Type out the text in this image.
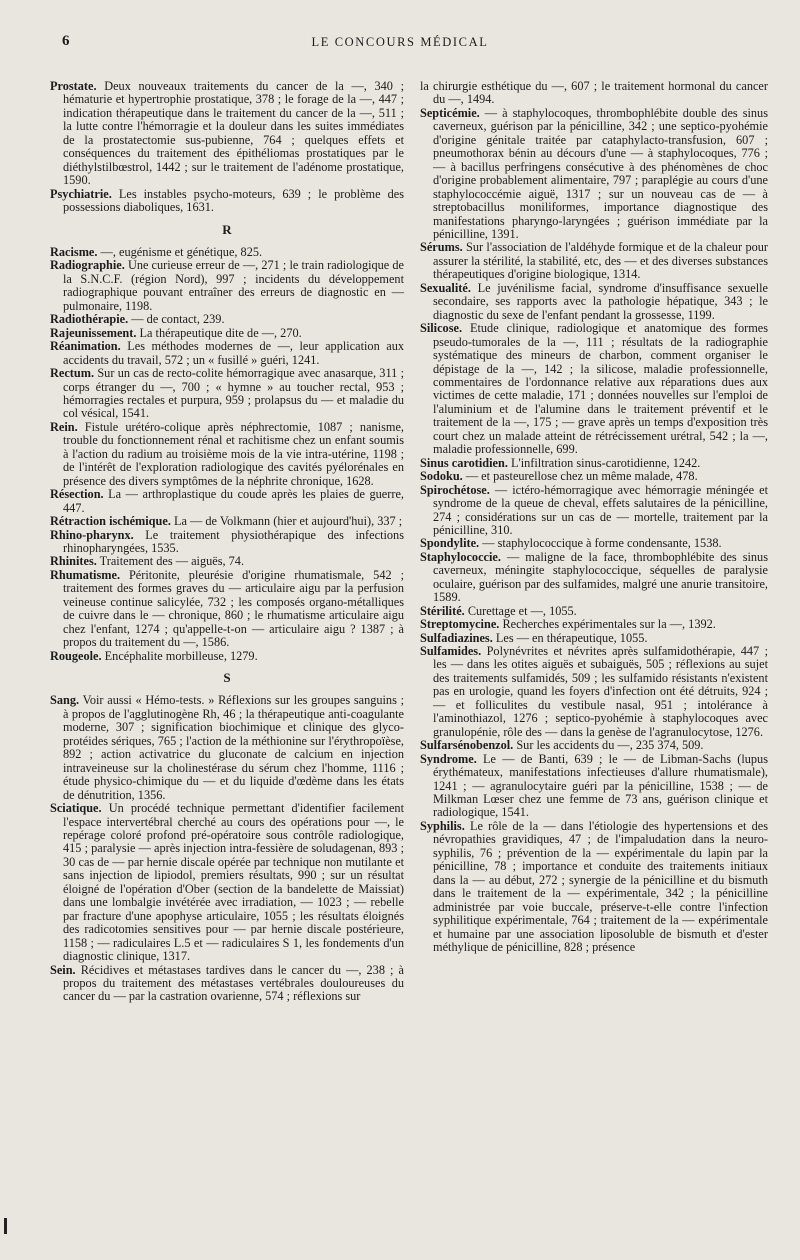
6	LE CONCOURS MÉDICAL

Prostate. Deux nouveaux traitements du cancer de la —, 340 ; hématurie et hypertrophie prostatique, 378 ; le forage de la —, 447 ; indication thérapeutique dans le traitement du cancer de la —, 511 ; la lutte contre l'hémorragie et la douleur dans les suites immédiates de la prostatectomie sus-pubienne, 764 ; quelques effets et conséquences du traitement des épithéliomas prostatiques par le diéthylstilbœstrol, 1442 ; sur le traitement de l'adénome prostatique, 1590.

Psychiatrie. Les instables psycho-moteurs, 639 ; le problème des possessions diaboliques, 1631.

R

Racisme. —, eugénisme et génétique, 825.

Radiographie. Une curieuse erreur de —, 271 ; le train radiologique de la S.N.C.F. (région Nord), 997 ; incidents du développement radiographique pouvant entraîner des erreurs de diagnostic en — pulmonaire, 1198.

Radiothérapie. — de contact, 239.

Rajeunissement. La thérapeutique dite de —, 270.

Réanimation. Les méthodes modernes de —, leur application aux accidents du travail, 572 ; un « fusillé » guéri, 1241.

Rectum. Sur un cas de recto-colite hémorragique avec anasarque, 311 ; corps étranger du —, 700 ; « hymne » au toucher rectal, 953 ; hémorragies rectales et purpura, 959 ; prolapsus du — et maladie du col vésical, 1541.

Rein. Fistule urétéro-colique après néphrectomie, 1087 ; nanisme, trouble du fonctionnement rénal et rachitisme chez un enfant soumis à l'action du radium au troisième mois de la vie intra-utérine, 1198 ; de l'intérêt de l'exploration radiologique des cavités pyélorénales en présence des divers symptômes de la néphrite chronique, 1628.

Résection. La — arthroplastique du coude après les plaies de guerre, 447.

Rétraction ischémique. La — de Volkmann (hier et aujourd'hui), 337 ;

Rhino-pharynx. Le traitement physiothérapique des infections rhinopharyngées, 1535.

Rhinites. Traitement des — aiguës, 74.

Rhumatisme. Péritonite, pleurésie d'origine rhumatismale, 542 ; traitement des formes graves du — articulaire aigu par la perfusion veineuse continue salicylée, 732 ; les composés organo-métalliques de cuivre dans le — chronique, 860 ; le rhumatisme articulaire aigu chez l'enfant, 1274 ; qu'appelle-t-on — articulaire aigu ? 1387 ; à propos du traitement du —, 1586.

Rougeole. Encéphalite morbilleuse, 1279.

S

Sang. Voir aussi « Hémo-tests. » Réflexions sur les groupes sanguins ; à propos de l'agglutinogène Rh, 46 ; la thérapeutique anti-coagulante moderne, 307 ; signification biochimique et clinique des glyco-protéides sériques, 765 ; l'action de la méthionine sur l'érythropoïèse, 892 ; action activatrice du gluconate de calcium en injection intraveineuse sur la cholinestérase du sérum chez l'homme, 1116 ; étude physico-chimique du — et du liquide d'œdème dans les états de dénutrition, 1356.

Sciatique. Un procédé technique permettant d'identifier facilement l'espace intervertébral cherché au cours des opérations pour —, le repérage coloré profond pré-opératoire sous contrôle radiologique, 415 ; paralysie — après injection intra-fessière de soludagenan, 893 ; 30 cas de — par hernie discale opérée par technique non mutilante et sans injection de lipiodol, premiers résultats, 990 ; sur un résultat éloigné de l'opération d'Ober (section de la bandelette de Maissiat) dans une lombalgie invétérée avec irradiation, — 1023 ; — rebelle par fracture d'une apophyse articulaire, 1055 ; les résultats éloignés des radicotomies sensitives pour — par hernie discale postérieure, 1158 ; — radiculaires L.5 et — radiculaires S 1, les fondements d'un diagnostic clinique, 1317.

Sein. Récidives et métastases tardives dans le cancer du —, 238 ; à propos du traitement des métastases vertébrales douloureuses du cancer du — par la castration ovarienne, 574 ; réflexions sur

la chirurgie esthétique du —, 607 ; le traitement hormonal du cancer du —, 1494.

Septicémie. — à staphylocoques, thrombophlébite double des sinus caverneux, guérison par la pénicilline, 342 ; une septico-pyohémie d'origine génitale traitée par cataphylacto-transfusion, 607 ; pneumothorax bénin au décours d'une — à staphylocoques, 776 ; — à bacillus perfringens consécutive à des phénomènes de choc d'origine probablement alimentaire, 797 ; paraplégie au cours d'une staphylococcémie aiguë, 1317 ; sur un nouveau cas de — à streptobacillus moniliformes, importance diagnostique des manifestations pharyngo-laryngées ; guérison immédiate par la pénicilline, 1391.

Sérums. Sur l'association de l'aldéhyde formique et de la chaleur pour assurer la stérilité, la stabilité, etc, des — et des diverses substances thérapeutiques d'origine biologique, 1314.

Sexualité. Le juvénilisme facial, syndrome d'insuffisance sexuelle secondaire, ses rapports avec la pathologie hépatique, 343 ; le diagnostic du sexe de l'enfant pendant la grossesse, 1199.

Silicose. Etude clinique, radiologique et anatomique des formes pseudo-tumorales de la —, 111 ; résultats de la radiographie systématique des mineurs de charbon, comment organiser le dépistage de la —, 142 ; la silicose, maladie professionnelle, commentaires de l'ordonnance relative aux réparations dues aux victimes de cette maladie, 171 ; données nouvelles sur l'emploi de l'aluminium et de l'alumine dans le traitement préventif et le traitement de la —, 175 ; — grave après un temps d'exposition très court chez un malade atteint de rétrécissement urétral, 542 ; la —, maladie professionnelle, 699.

Sinus carotidien. L'infiltration sinus-carotidienne, 1242.

Sodoku. — et pasteurellose chez un même malade, 478.

Spirochétose. — ictéro-hémorragique avec hémorragie méningée et syndrome de la queue de cheval, effets salutaires de la pénicilline, 274 ; considérations sur un cas de — mortelle, traitement par la pénicilline, 310.

Spondylite. — staphylococcique à forme condensante, 1538.

Staphylococcie. — maligne de la face, thrombophlébite des sinus caverneux, méningite staphylococcique, séquelles de paralysie oculaire, guérison par des sulfamides, malgré une anurie transitoire, 1589.

Stérilité. Curettage et —, 1055.

Streptomycine. Recherches expérimentales sur la —, 1392.

Sulfadiazines. Les — en thérapeutique, 1055.

Sulfamides. Polynévrites et névrites après sulfamidothérapie, 447 ; les — dans les otites aiguës et subaiguës, 505 ; réflexions au sujet des traitements sulfamidés, 509 ; les sulfamido résistants n'existent pas en urologie, quand les foyers d'infection ont été détruits, 924 ; — et folliculites du vestibule nasal, 951 ; intolérance à l'aminothiazol, 1276 ; septico-pyohémie à staphylocoques avec granulopénie, rôle des — dans la genèse de l'agranulocytose, 1276.

Sulfarsénobenzol. Sur les accidents du —, 235 374, 509.

Syndrome. Le — de Banti, 639 ; le — de Libman-Sachs (lupus érythémateux, manifestations infectieuses d'allure rhumatismale), 1241 ; — agranulocytaire guéri par la pénicilline, 1538 ; — de Milkman Lœser chez une femme de 73 ans, guérison clinique et radiologique, 1541.

Syphilis. Le rôle de la — dans l'étiologie des hypertensions et des névropathies gravidiques, 47 ; de l'impaludation dans la neuro-syphilis, 76 ; prévention de la — expérimentale du lapin par la pénicilline, 78 ; importance et conduite des traitements initiaux dans la — au début, 272 ; synergie de la pénicilline et du bismuth dans le traitement de la — expérimentale, 342 ; la pénicilline administrée par voie buccale, préserve-t-elle contre l'infection syphilitique expérimentale, 764 ; traitement de la — expérimentale et humaine par une association liposoluble de bismuth et d'ester méthylique de pénicilline, 828 ; présence
